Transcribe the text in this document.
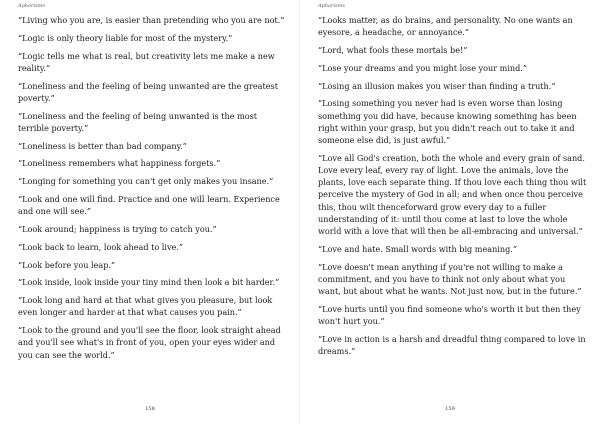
Aphorisms

“Living who you are, is easier than pretending who you are not.”

“Logic is only theory liable for most of the mystery.”

“Logic tells me what is real, but creativity lets me make a new reality.”

“Loneliness and the feeling of being unwanted are the greatest poverty.”

“Loneliness and the feeling of being unwanted is the most terrible poverty.”

“Loneliness is better than bad company.”

“Loneliness remembers what happiness forgets.”

“Longing for something you can't get only makes you insane.”

“Look and one will find. Practice and one will learn. Experience and one will see.”

“Look around; happiness is trying to catch you.”

“Look back to learn, look ahead to live.”

“Look before you leap.”

“Look inside, look inside your tiny mind then look a bit harder.”

“Look long and hard at that what gives you pleasure, but look even longer and harder at that what causes you pain.”

“Look to the ground and you'll see the floor, look straight ahead and you'll see what's in front of you, open your eyes wider and you can see the world.”

158
Aphorisms

“Looks matter, as do brains, and personality. No one wants an eyesore, a headache, or annoyance.”

“Lord, what fools these mortals be!”

“Lose your dreams and you might lose your mind.”

“Losing an illusion makes you wiser than finding a truth.”

“Losing something you never had is even worse than losing something you did have, because knowing something has been right within your grasp, but you didn't reach out to take it and someone else did, is just awful.”

“Love all God's creation, both the whole and every grain of sand. Love every leaf, every ray of light. Love the animals, love the plants, love each separate thing. If thou love each thing thou wilt perceive the mystery of God in all; and when once thou perceive this, thou wilt thenceforward grow every day to a fuller understanding of it: until thou come at last to love the whole world with a love that will then be all-embracing and universal.”

“Love and hate. Small words with big meaning.”

“Love doesn't mean anything if you're not willing to make a commitment, and you have to think not only about what you want, but about what he wants. Not just now, but in the future.”

“Love hurts until you find someone who's worth it but then they won't hurt you.”

“Love in action is a harsh and dreadful thing compared to love in dreams.”

159
